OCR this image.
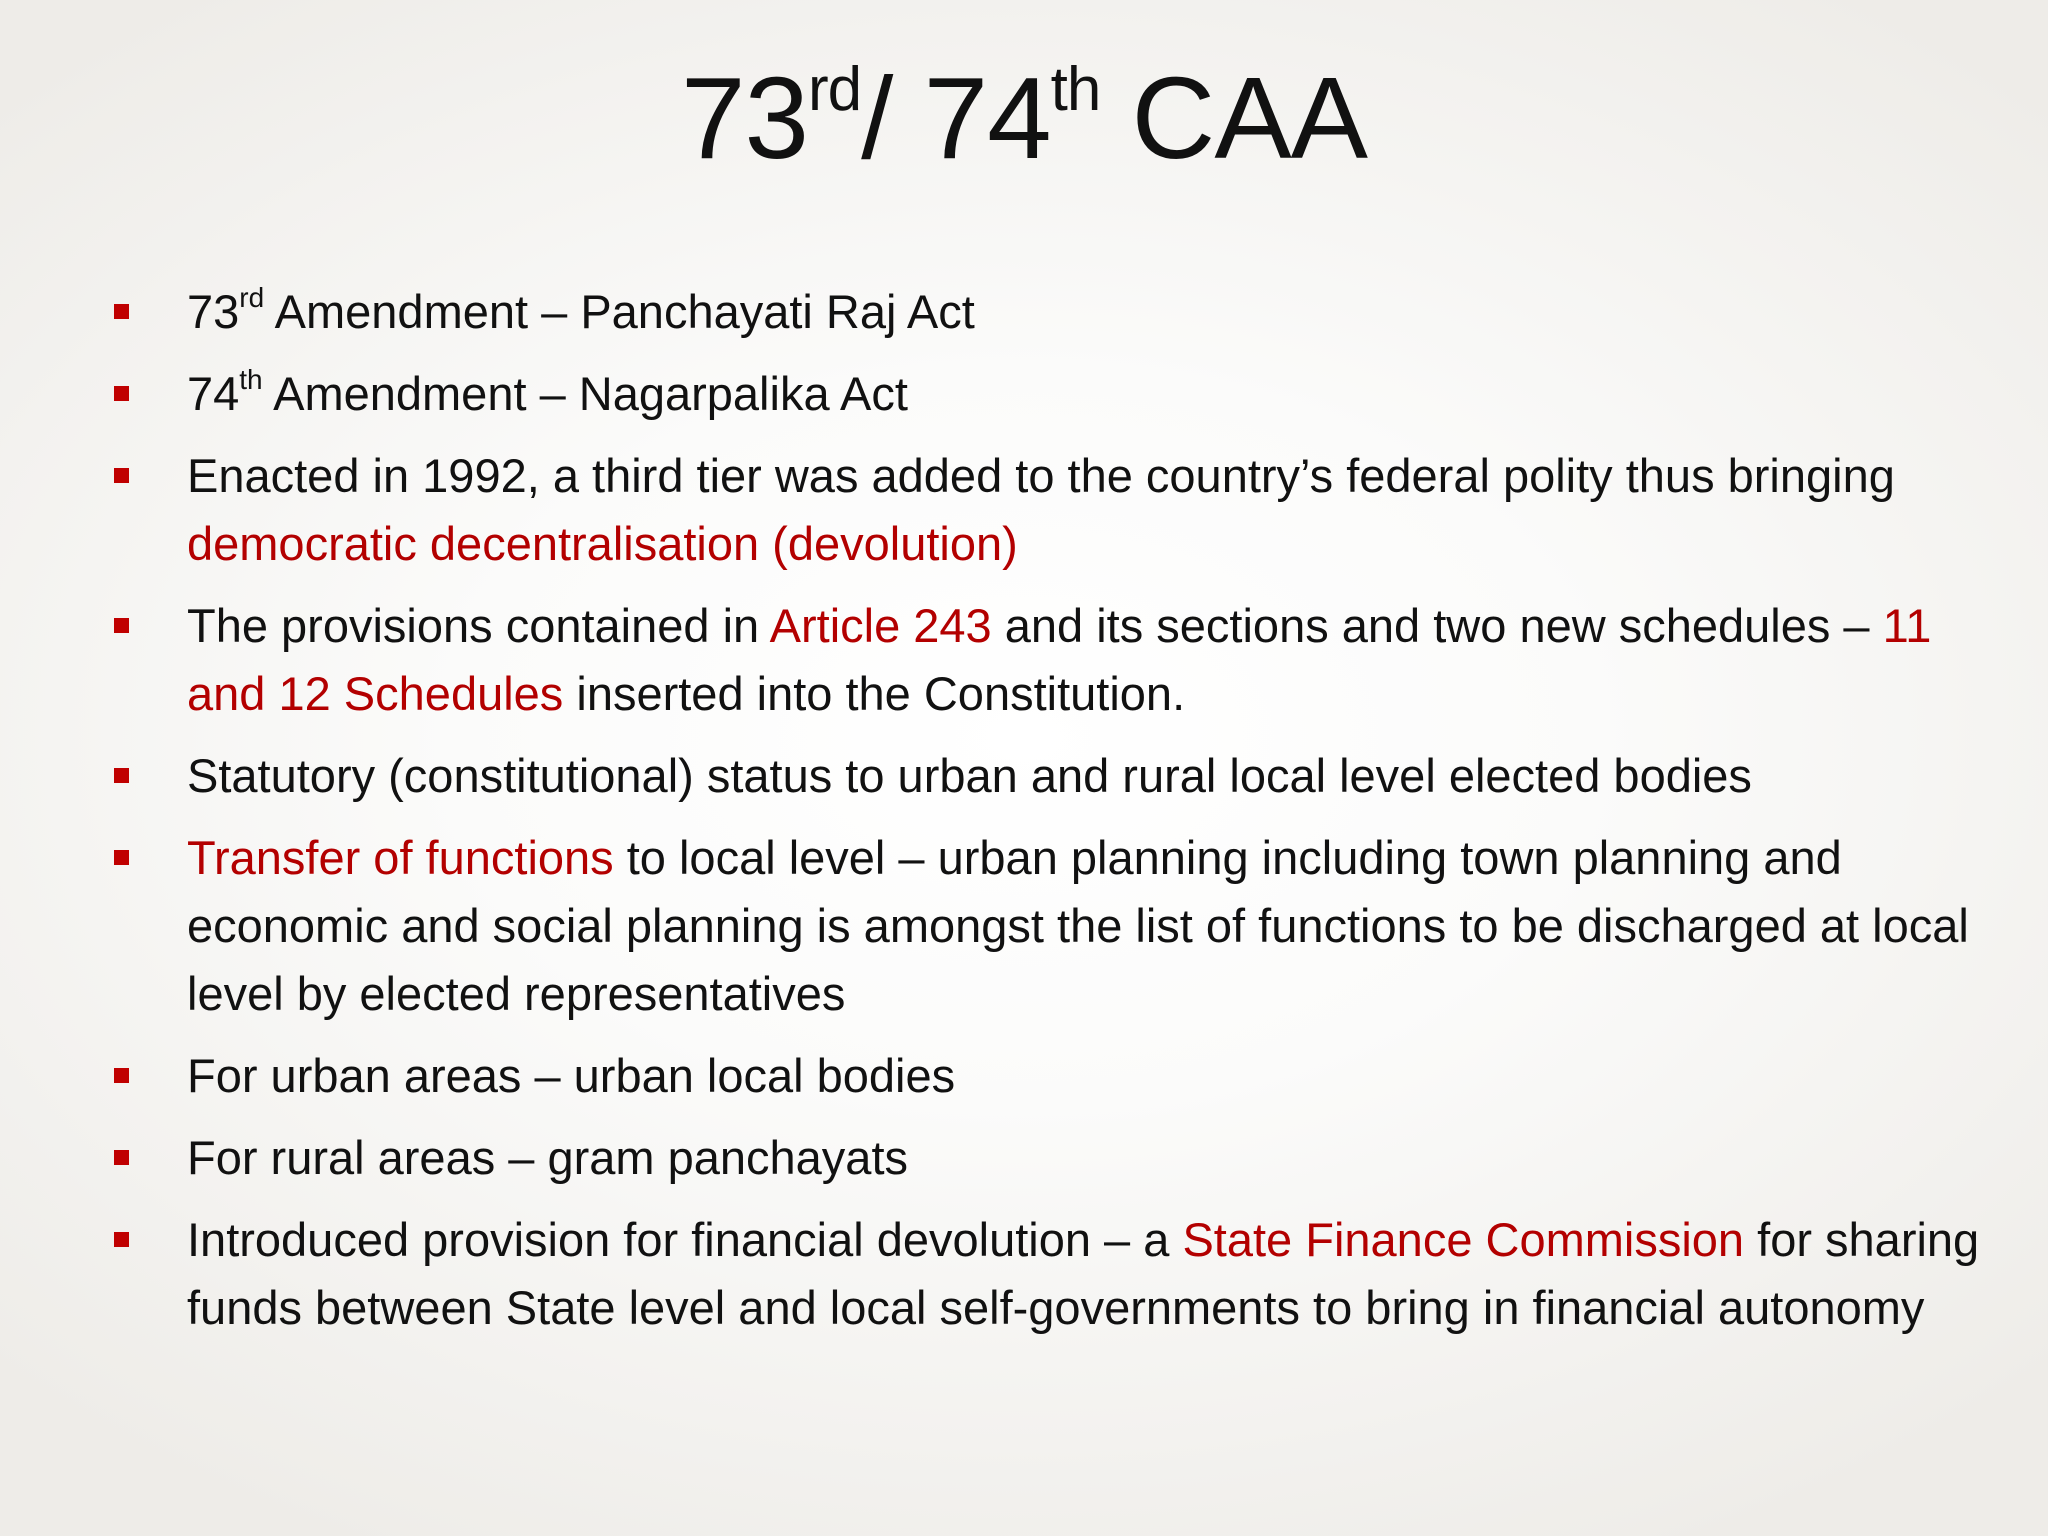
73rd/ 74th CAA
73rd Amendment – Panchayati Raj Act
74th Amendment – Nagarpalika Act
Enacted in 1992, a third tier was added to the country’s federal polity thus bringing democratic decentralisation (devolution)
The provisions contained in Article 243 and its sections and two new schedules – 11 and 12 Schedules inserted into the Constitution.
Statutory (constitutional) status to urban and rural local level elected bodies
Transfer of functions to local level – urban planning including town planning and economic and social planning is amongst the list of functions to be discharged at local level by elected representatives
For urban areas – urban local bodies
For rural areas – gram panchayats
Introduced provision for financial devolution – a State Finance Commission for sharing funds between State level and local self-governments to bring in financial autonomy
